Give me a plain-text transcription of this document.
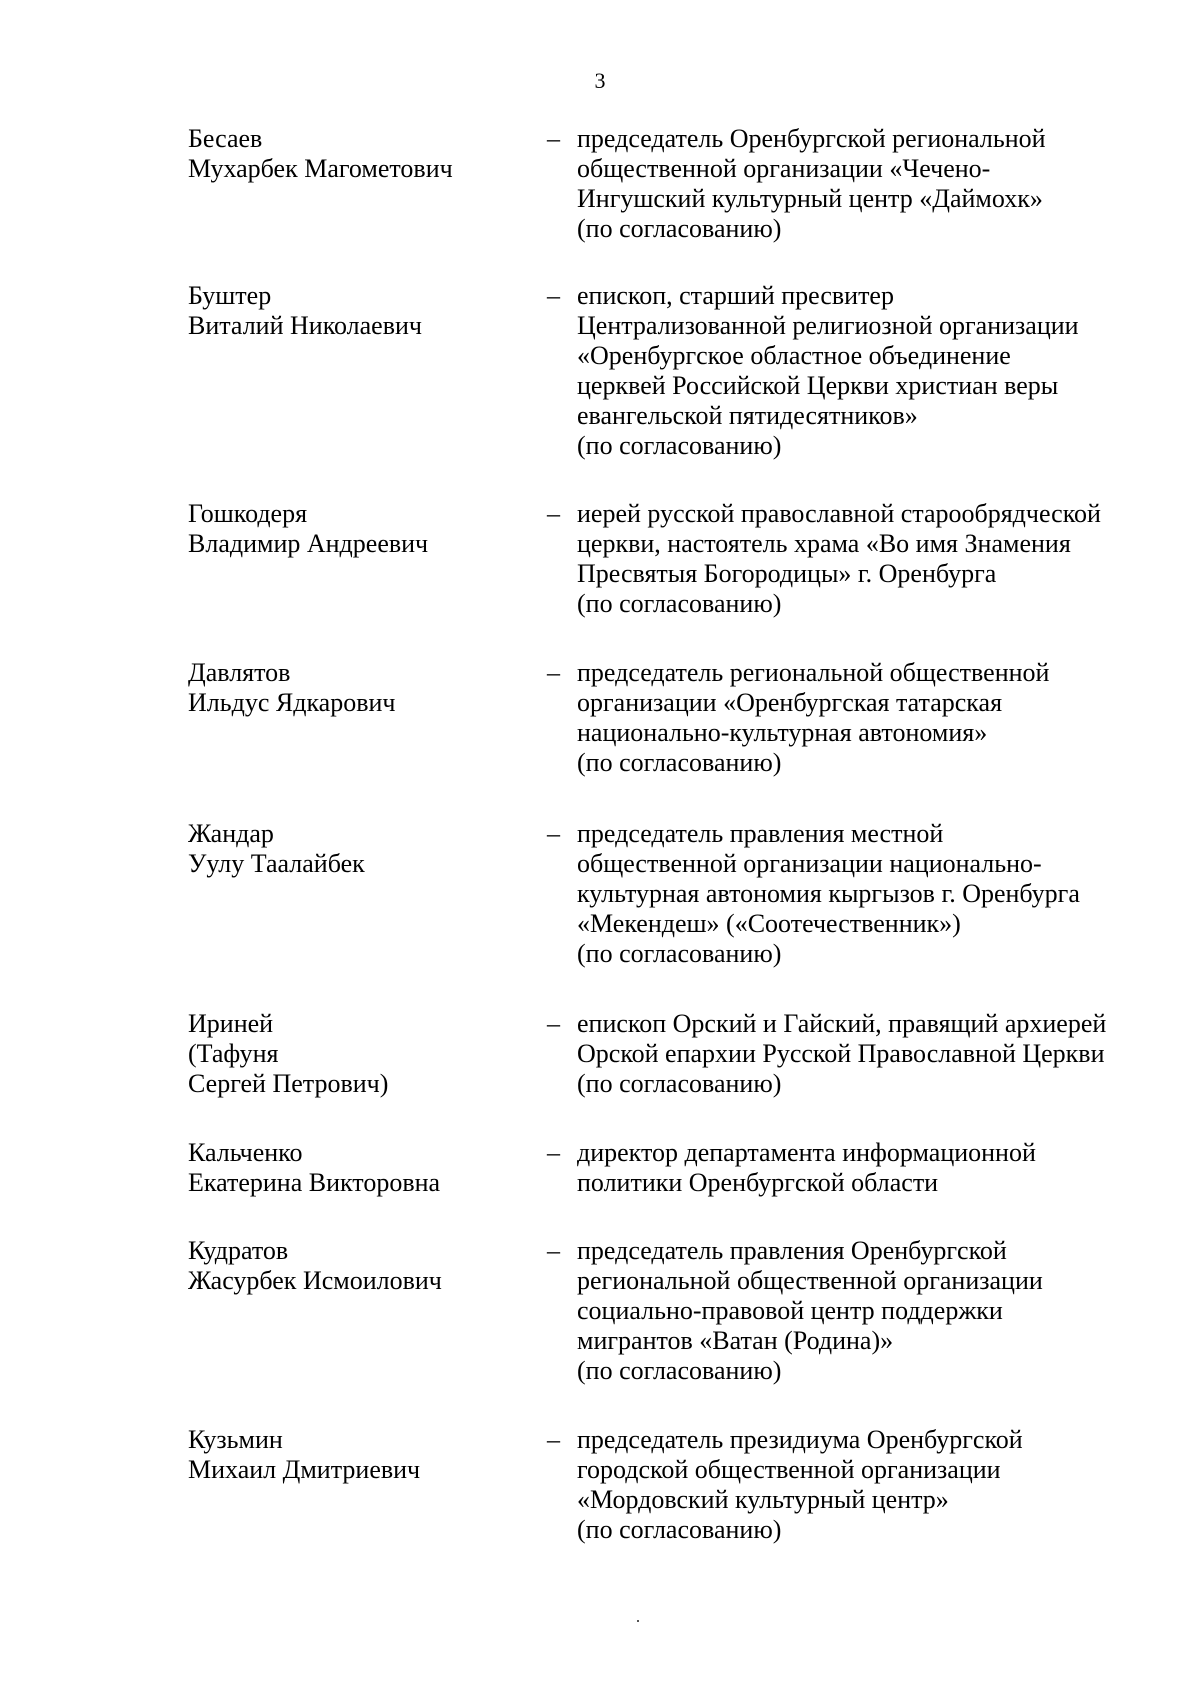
3
Бесаев
Мухарбек Магометович
– председатель Оренбургской региональной
общественной организации «Чечено-
Ингушский культурный центр «Даймохк»
(по согласованию)
Буштер
Виталий Николаевич
– епископ, старший пресвитер
Централизованной религиозной организации
«Оренбургское областное объединение
церквей Российской Церкви христиан веры
евангельской пятидесятников»
(по согласованию)
Гошкодеря
Владимир Андреевич
– иерей русской православной старообрядческой
церкви, настоятель храма «Во имя Знамения
Пресвятыя Богородицы» г. Оренбурга
(по согласованию)
Давлятов
Ильдус Ядкарович
– председатель региональной общественной
организации «Оренбургская татарская
национально-культурная автономия»
(по согласованию)
Жандар
Уулу Таалайбек
– председатель правления местной
общественной организации национально-
культурная автономия кыргызов г. Оренбурга
«Мекендеш» («Соотечественник»)
(по согласованию)
Ириней
(Тафуня
Сергей Петрович)
– епископ Орский и Гайский, правящий архиерей
Орской епархии Русской Православной Церкви
(по согласованию)
Кальченко
Екатерина Викторовна
– директор департамента информационной
политики Оренбургской области
Кудратов
Жасурбек Исмоилович
– председатель правления Оренбургской
региональной общественной организации
социально-правовой центр поддержки
мигрантов «Ватан (Родина)»
(по согласованию)
Кузьмин
Михаил Дмитриевич
– председатель президиума Оренбургской
городской общественной организации
«Мордовский культурный центр»
(по согласованию)
